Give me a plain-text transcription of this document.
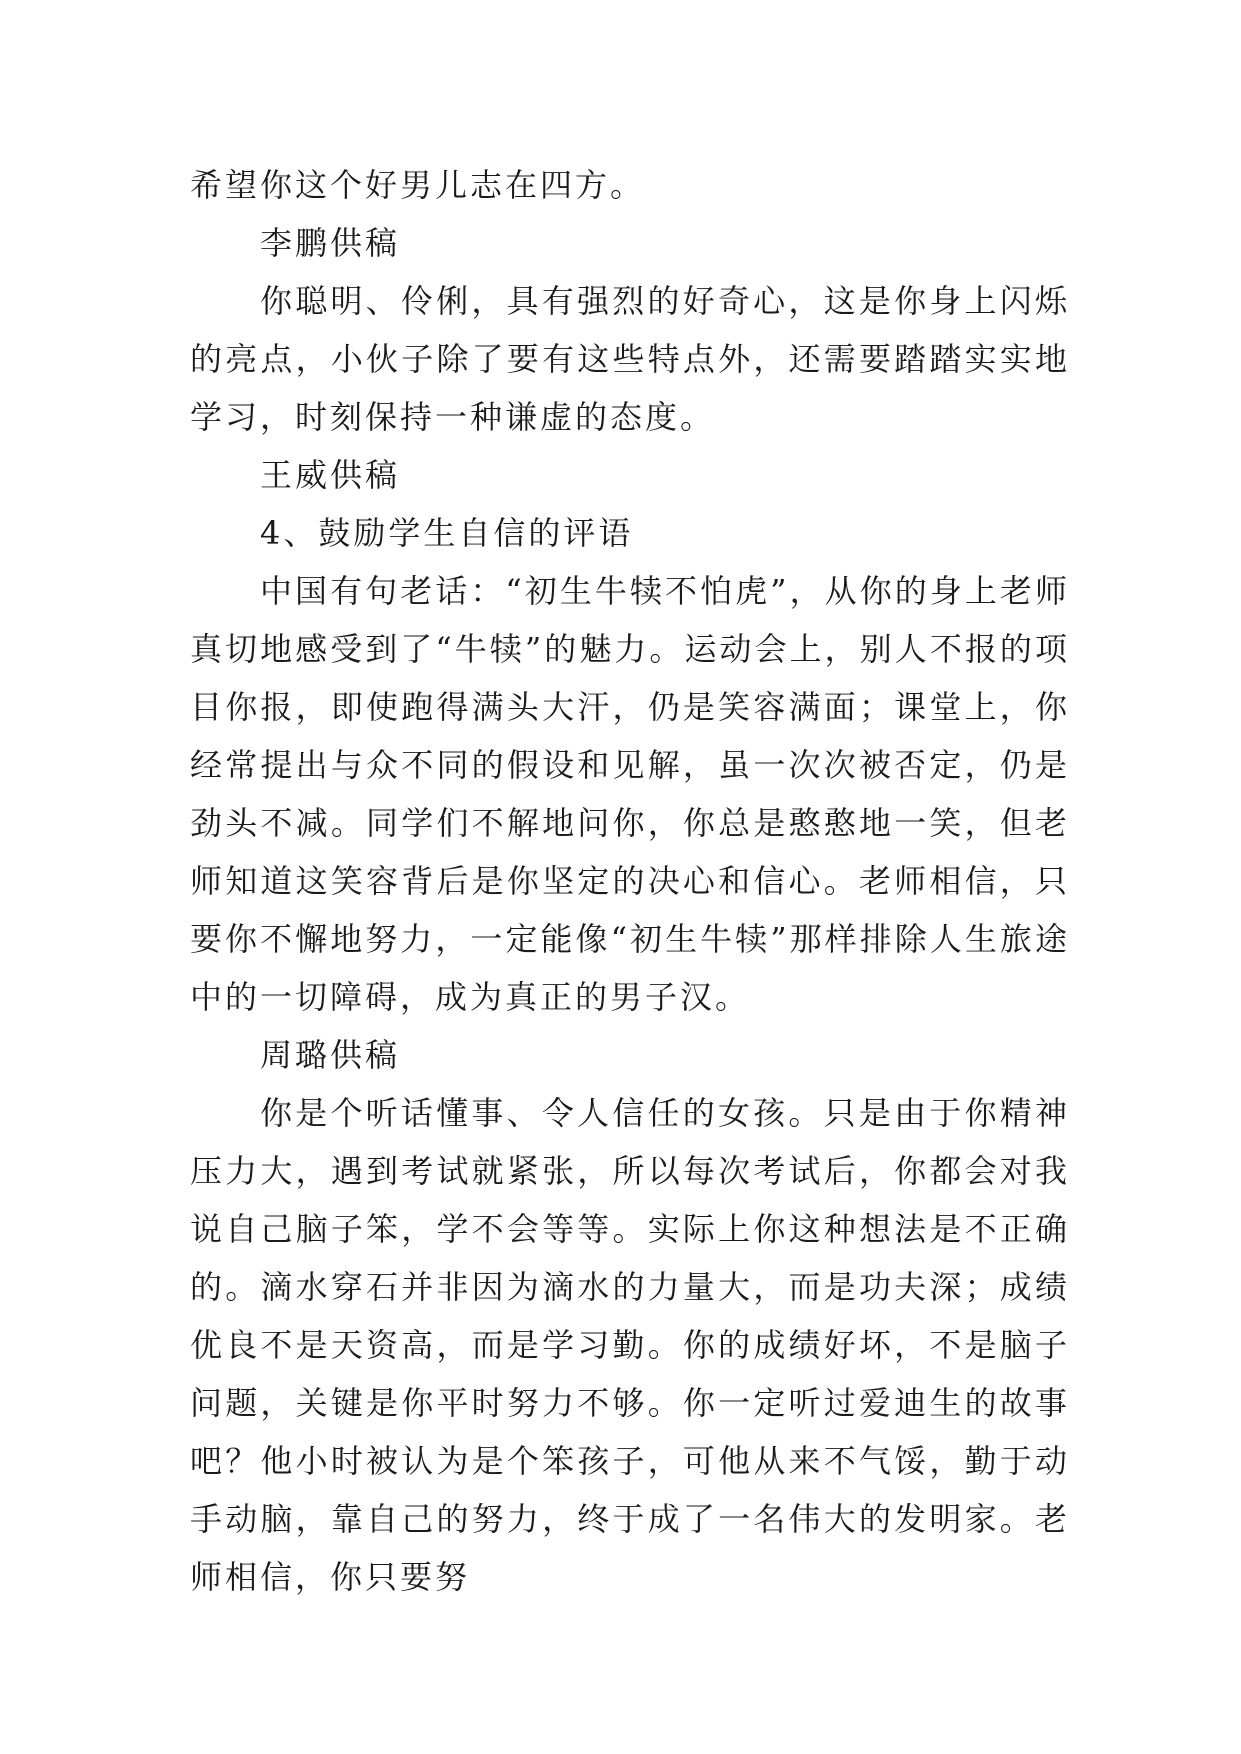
希望你这个好男儿志在四方。

李鹏供稿

你聪明、伶俐，具有强烈的好奇心，这是你身上闪烁的亮点，小伙子除了要有这些特点外，还需要踏踏实实地学习，时刻保持一种谦虚的态度。

王威供稿

4、鼓励学生自信的评语

中国有句老话：“初生牛犊不怕虎”，从你的身上老师真切地感受到了“牛犊”的魅力。运动会上，别人不报的项目你报，即使跑得满头大汗，仍是笑容满面；课堂上，你经常提出与众不同的假设和见解，虽一次次被否定，仍是劲头不减。同学们不解地问你，你总是憨憨地一笑，但老师知道这笑容背后是你坚定的决心和信心。老师相信，只要你不懈地努力，一定能像“初生牛犊”那样排除人生旅途中的一切障碍，成为真正的男子汉。

周璐供稿

你是个听话懂事、令人信任的女孩。只是由于你精神压力大，遇到考试就紧张，所以每次考试后，你都会对我说自己脑子笨，学不会等等。实际上你这种想法是不正确的。滴水穿石并非因为滴水的力量大，而是功夫深；成绩优良不是天资高，而是学习勤。你的成绩好坏，不是脑子问题，关键是你平时努力不够。你一定听过爱迪生的故事吧？他小时被认为是个笨孩子，可他从来不气馁，勤于动手动脑，靠自己的努力，终于成了一名伟大的发明家。老师相信，你只要努
